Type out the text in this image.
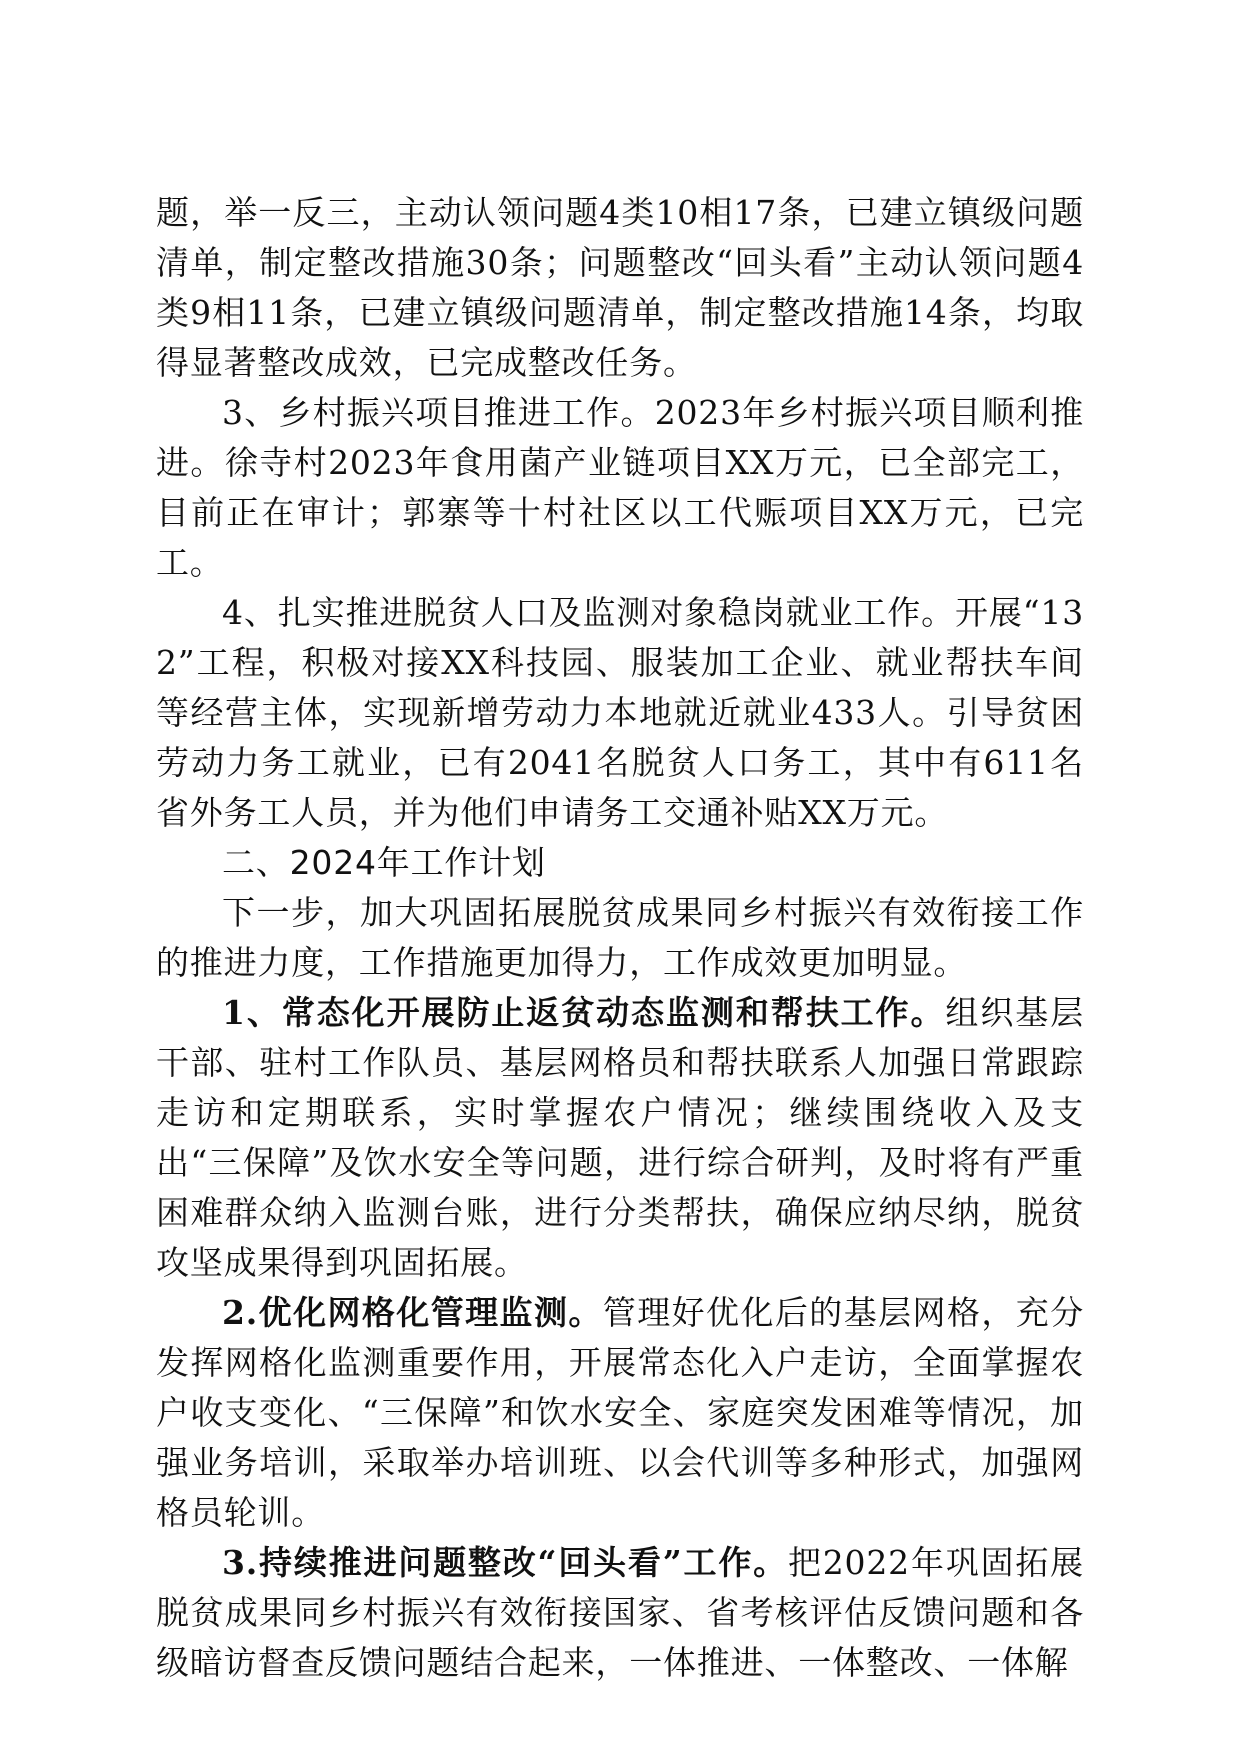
题，举一反三，主动认领问题4类10相17条，已建立镇级问题清单，制定整改措施30条；问题整改“回头看”主动认领问题4类9相11条，已建立镇级问题清单，制定整改措施14条，均取得显著整改成效，已完成整改任务。

3、乡村振兴项目推进工作。2023年乡村振兴项目顺利推进。徐寺村2023年食用菌产业链项目XX万元，已全部完工，目前正在审计；郭寨等十村社区以工代赈项目XX万元，已完工。

4、扎实推进脱贫人口及监测对象稳岗就业工作。开展“132”工程，积极对接XX科技园、服装加工企业、就业帮扶车间等经营主体，实现新增劳动力本地就近就业433人。引导贫困劳动力务工就业，已有2041名脱贫人口务工，其中有611名省外务工人员，并为他们申请务工交通补贴XX万元。

二、2024年工作计划

下一步，加大巩固拓展脱贫成果同乡村振兴有效衔接工作的推进力度，工作措施更加得力，工作成效更加明显。

1、常态化开展防止返贫动态监测和帮扶工作。组织基层干部、驻村工作队员、基层网格员和帮扶联系人加强日常跟踪走访和定期联系，实时掌握农户情况；继续围绕收入及支出“三保障”及饮水安全等问题，进行综合研判，及时将有严重困难群众纳入监测台账，进行分类帮扶，确保应纳尽纳，脱贫攻坚成果得到巩固拓展。

2.优化网格化管理监测。管理好优化后的基层网格，充分发挥网格化监测重要作用，开展常态化入户走访，全面掌握农户收支变化、“三保障”和饮水安全、家庭突发困难等情况，加强业务培训，采取举办培训班、以会代训等多种形式，加强网格员轮训。

3.持续推进问题整改“回头看”工作。把2022年巩固拓展脱贫成果同乡村振兴有效衔接国家、省考核评估反馈问题和各级暗访督查反馈问题结合起来，一体推进、一体整改、一体解
